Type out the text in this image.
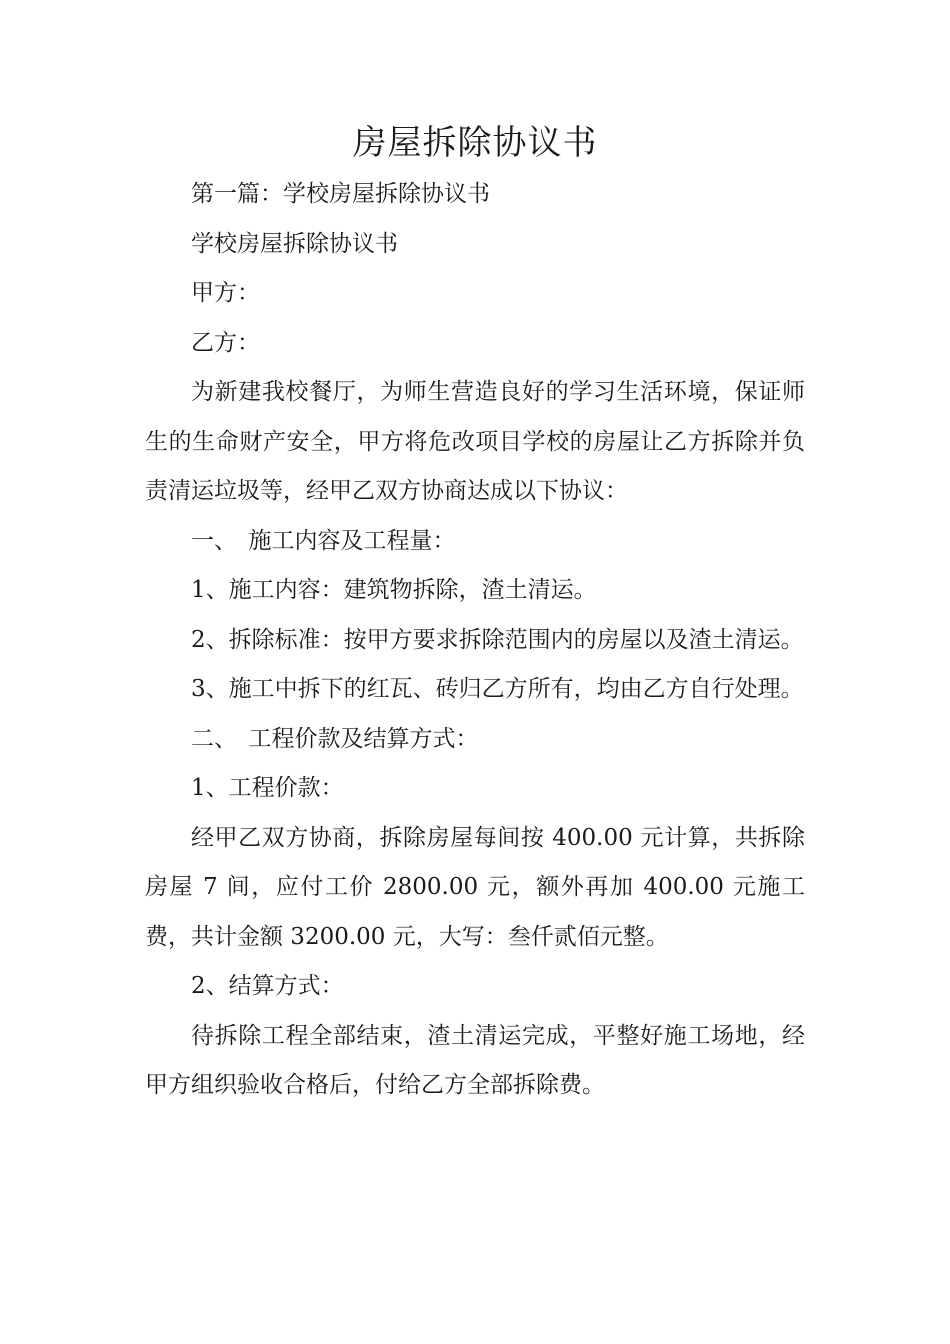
房屋拆除协议书

第一篇：学校房屋拆除协议书

学校房屋拆除协议书

甲方：

乙方：

为新建我校餐厅，为师生营造良好的学习生活环境，保证师生的生命财产安全，甲方将危改项目学校的房屋让乙方拆除并负责清运垃圾等，经甲乙双方协商达成以下协议：

一、　施工内容及工程量：

1、施工内容：建筑物拆除，渣土清运。

2、拆除标准：按甲方要求拆除范围内的房屋以及渣土清运。

3、施工中拆下的红瓦、砖归乙方所有，均由乙方自行处理。

二、　工程价款及结算方式：

1、工程价款：

经甲乙双方协商，拆除房屋每间按 400.00 元计算，共拆除房屋 7 间，应付工价 2800.00 元，额外再加 400.00 元施工费，共计金额 3200.00 元，大写：叁仟贰佰元整。

2、结算方式：

待拆除工程全部结束，渣土清运完成，平整好施工场地，经甲方组织验收合格后，付给乙方全部拆除费。
